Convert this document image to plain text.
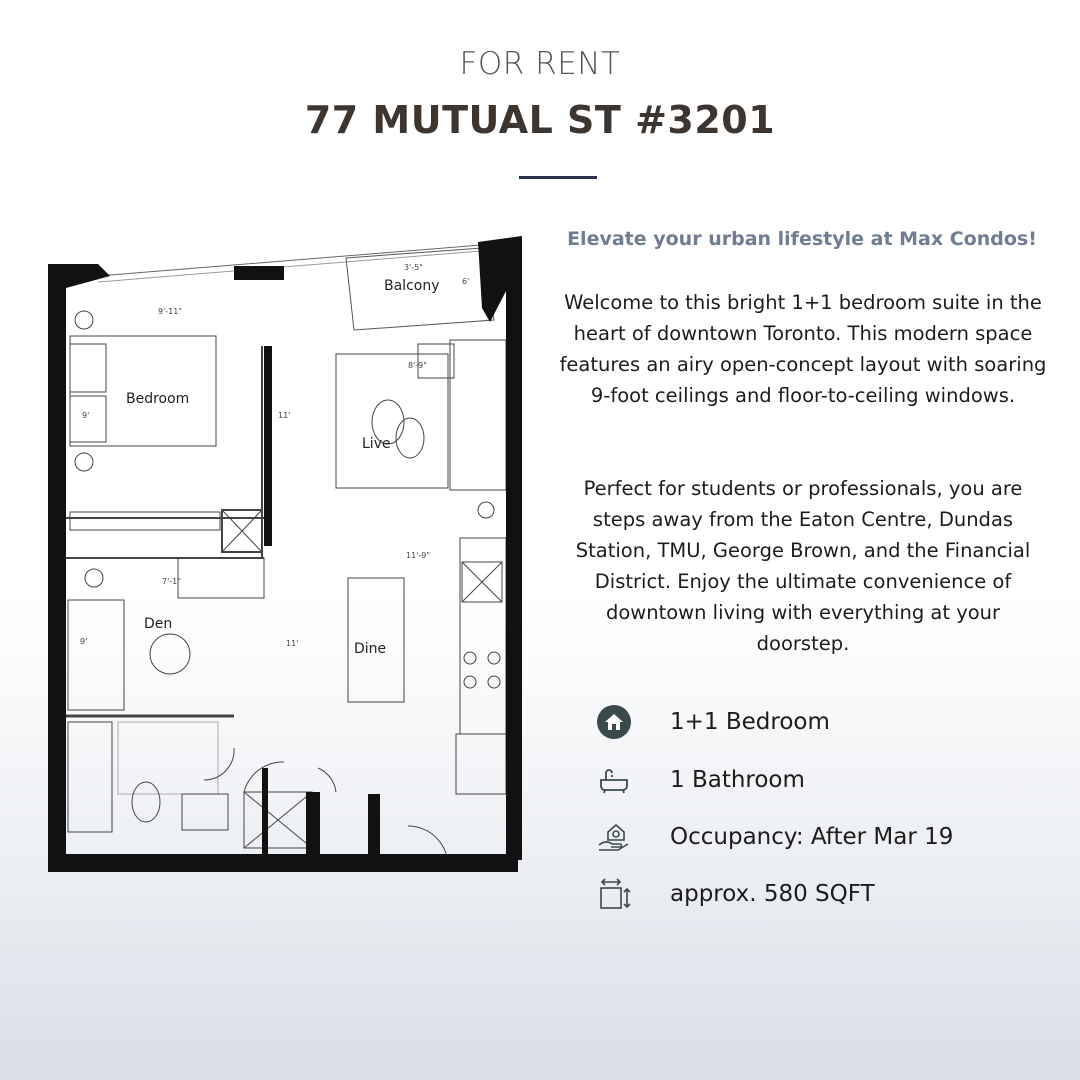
FOR RENT
77 MUTUAL ST #3201
Bedroom
Balcony
Live
Den
Dine
3'-5"
6'
9'-11"
9'	11'
8'-9"
11'-9"
7'-1"
9'	11'
Elevate your urban lifestyle at Max Condos!
Welcome to this bright 1+1 bedroom suite in the heart of downtown Toronto. This modern space features an airy open-concept layout with soaring 9-foot ceilings and floor-to-ceiling windows.
Perfect for students or professionals, you are steps away from the Eaton Centre, Dundas Station, TMU, George Brown, and the Financial District. Enjoy the ultimate convenience of downtown living with everything at your doorstep.
1+1 Bedroom
1 Bathroom
Occupancy: After Mar 19
approx. 580 SQFT
